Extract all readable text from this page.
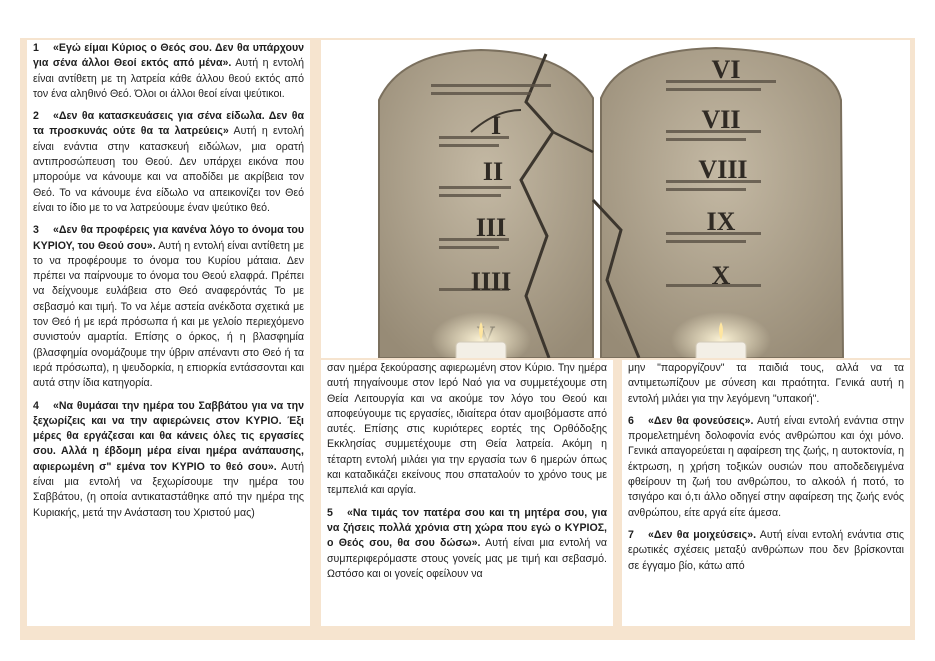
1 «Εγώ είμαι Κύριος ο Θεός σου. Δεν θα υπάρχουν για σένα άλλοι Θεοί εκτός από μένα». Αυτή η εντολή είναι αντίθετη με τη λατρεία κάθε άλλου θεού εκτός από τον ένα αληθινό Θεό. Όλοι οι άλλοι θεοί είναι ψεύτικοι.
2 «Δεν θα κατασκευάσεις για σένα είδωλα. Δεν θα τα προσκυνάς ούτε θα τα λατρεύεις» Αυτή η εντολή είναι ενάντια στην κατασκευή ειδώλων, μια ορατή αντιπροσώπευση του Θεού. Δεν υπάρχει εικόνα που μπορούμε να κάνουμε και να αποδίδει με ακρίβεια τον Θεό. Το να κάνουμε ένα είδωλο να απεικονίζει τον Θεό είναι το ίδιο με το να λατρεύουμε έναν ψεύτικο θεό.
3 «Δεν θα προφέρεις για κανένα λόγο το όνομα του ΚΥΡΙΟΥ, του Θεού σου». Αυτή η εντολή είναι αντίθετη με το να προφέρουμε το όνομα του Κυρίου μάταια. Δεν πρέπει να παίρνουμε το όνομα του Θεού ελαφρά. Πρέπει να δείχνουμε ευλάβεια στο Θεό αναφερόντάς Το με σεβασμό και τιμή. Το να λέμε αστεία ανέκδοτα σχετικά με τον Θεό ή με ιερά πρόσωπα ή και με γελοίο περιεχόμενο συνιστούν αμαρτία. Επίσης ο όρκος, ή η βλασφημία (βλασφημία ονομάζουμε την ύβριν απέναντι στο Θεό ή τα ιερά πρόσωπα), η ψευδορκία, η επιορκία εντάσσονται και αυτά στην ίδια κατηγορία.
4 «Να θυμάσαι την ημέρα του Σαββάτου για να την ξεχωρίζεις και να την αφιερώνεις στον ΚΥΡΙΟ. Έξι μέρες θα εργάζεσαι και θα κάνεις όλες τις εργασίες σου. Αλλά η έβδομη μέρα είναι ημέρα ανάπαυσης, αφιερωμένη σ" εμένα τον ΚΥΡΙΟ το θεό σου». Αυτή είναι μια εντολή να ξεχωρίσουμε την ημέρα του Σαββάτου, (η οποία αντικαταστάθηκε από την ημέρα της Κυριακής, μετά την Ανάσταση του Χριστού μας)
I
II
III
IIII
VI
VII
VIII
IX
X
σαν ημέρα ξεκούρασης αφιερωμένη στον Κύριο. Την ημέρα αυτή πηγαίνουμε στον Ιερό Ναό για να συμμετέχουμε στη Θεία Λειτουργία και να ακούμε τον λόγο του Θεού και αποφεύγουμε τις εργασίες, ιδιαίτερα όταν αμοιβόμαστε από αυτές. Επίσης στις κυριότερες εορτές της Ορθόδοξης Εκκλησίας συμμετέχουμε στη Θεία λατρεία. Ακόμη η τέταρτη εντολή μιλάει για την εργασία των 6 ημερών όπως και καταδικάζει εκείνους που σπαταλούν το χρόνο τους με τεμπελιά και αργία.
5 «Να τιμάς τον πατέρα σου και τη μητέρα σου, για να ζήσεις πολλά χρόνια στη χώρα που εγώ ο ΚΥΡΙΟΣ, ο Θεός σου, θα σου δώσω». Αυτή είναι μια εντολή να συμπεριφερόμαστε στους γονείς μας με τιμή και σεβασμό. Ωστόσο και οι γονείς οφείλουν να
μην "παροργίζουν" τα παιδιά τους, αλλά να τα αντιμετωπίζουν με σύνεση και πραότητα. Γενικά αυτή η εντολή μιλάει για την λεγόμενη "υπακοή".
6 «Δεν θα φονεύσεις». Αυτή είναι εντολή ενάντια στην προμελετημένη δολοφονία ενός ανθρώπου και όχι μόνο. Γενικά απαγορεύεται η αφαίρεση της ζωής, η αυτοκτονία, η έκτρωση, η χρήση τοξικών ουσιών που αποδεδειγμένα φθείρουν τη ζωή του ανθρώπου, το αλκοόλ ή ποτό, το τσιγάρο και ό,τι άλλο οδηγεί στην αφαίρεση της ζωής ενός ανθρώπου, είτε αργά είτε άμεσα.
7 «Δεν θα μοιχεύσεις». Αυτή είναι εντολή ενάντια στις ερωτικές σχέσεις μεταξύ ανθρώπων που δεν βρίσκονται σε έγγαμο βίο, κάτω από
